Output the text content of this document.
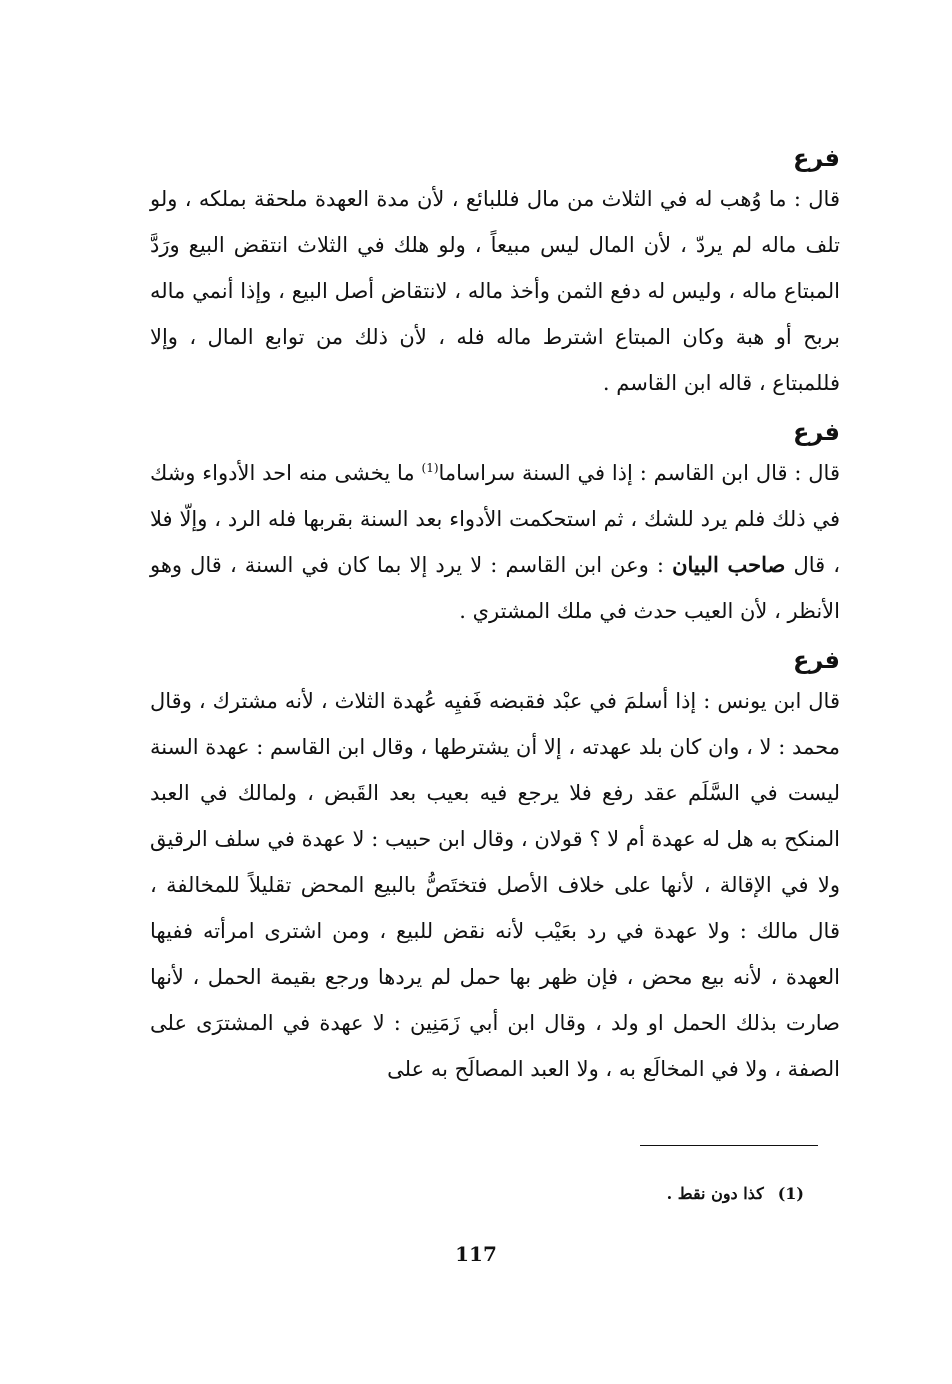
فرع

قال : ما وُهب له في الثلاث من مال فللبائع ، لأن مدة العهدة ملحقة بملكه ، ولو تلف ماله لم يردّ ، لأن المال ليس مبيعاً ، ولو هلك في الثلاث انتقض البيع ورَدَّ المبتاع ماله ، وليس له دفع الثمن وأخذ ماله ، لانتقاض أصل البيع ، وإذا أنمي ماله بربح أو هبة وكان المبتاع اشترط ماله فله ، لأن ذلك من توابع المال ، وإلا فللمبتاع ، قاله ابن القاسم .

فرع

قال : قال ابن القاسم : إذا في السنة سراساما$^{(1)}$ ما يخشى منه احد الأدواء وشك في ذلك فلم يرد للشك ، ثم استحكمت الأدواء بعد السنة بقربها فله الرد ، وإلّا فلا ، قال صاحب البيان : وعن ابن القاسم : لا يرد إلا بما كان في السنة ، قال وهو الأنظر ، لأن العيب حدث في ملك المشتري .

فرع

قال ابن يونس : إذا أسلمَ في عبْد فقبضه فَفيِه عُهدة الثلاث ، لأنه مشترك ، وقال محمد : لا ، وان كان بلد عهدته ، إلا أن يشترطها ، وقال ابن القاسم : عهدة السنة ليست في السَّلَم عقد رفع فلا يرجع فيه بعيب بعد القَبض ، ولمالك في العبد المنكح به هل له عهدة أم لا ؟ قولان ، وقال ابن حبيب : لا عهدة في سلف الرقيق ولا في الإقالة ، لأنها على خلاف الأصل فتختَصُّ بالبيع المحض تقليلاً للمخالفة ، قال مالك : ولا عهدة في رد بعَيْب لأنه نقض للبيع ، ومن اشترى امرأته ففيها العهدة ، لأنه بيع محض ، فإن ظهر بها حمل لم يردها ورجع بقيمة الحمل ، لأنها صارت بذلك الحمل او ولد ، وقال ابن أبي زَمَنِين : لا عهدة في المشترَى على الصفة ، ولا في المخالَع به ، ولا العبد المصالَح به على

(1)كذا دون نقط .
117
